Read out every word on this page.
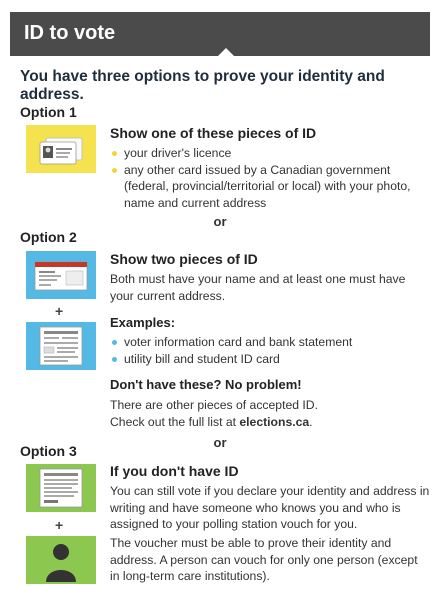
ID to vote
You have three options to prove your identity and address.
Option 1
Show one of these pieces of ID
your driver's licence
any other card issued by a Canadian government (federal, provincial/territorial or local) with your photo, name and current address
or
Option 2
Show two pieces of ID
Both must have your name and at least one must have your current address.
+
Examples:
voter information card and bank statement
utility bill and student ID card
Don't have these? No problem!
There are other pieces of accepted ID.
Check out the full list at elections.ca.
or
Option 3
If you don't have ID
You can still vote if you declare your identity and address in writing and have someone who knows you and who is assigned to your polling station vouch for you.
+
The voucher must be able to prove their identity and address. A person can vouch for only one person (except in long-term care institutions).
